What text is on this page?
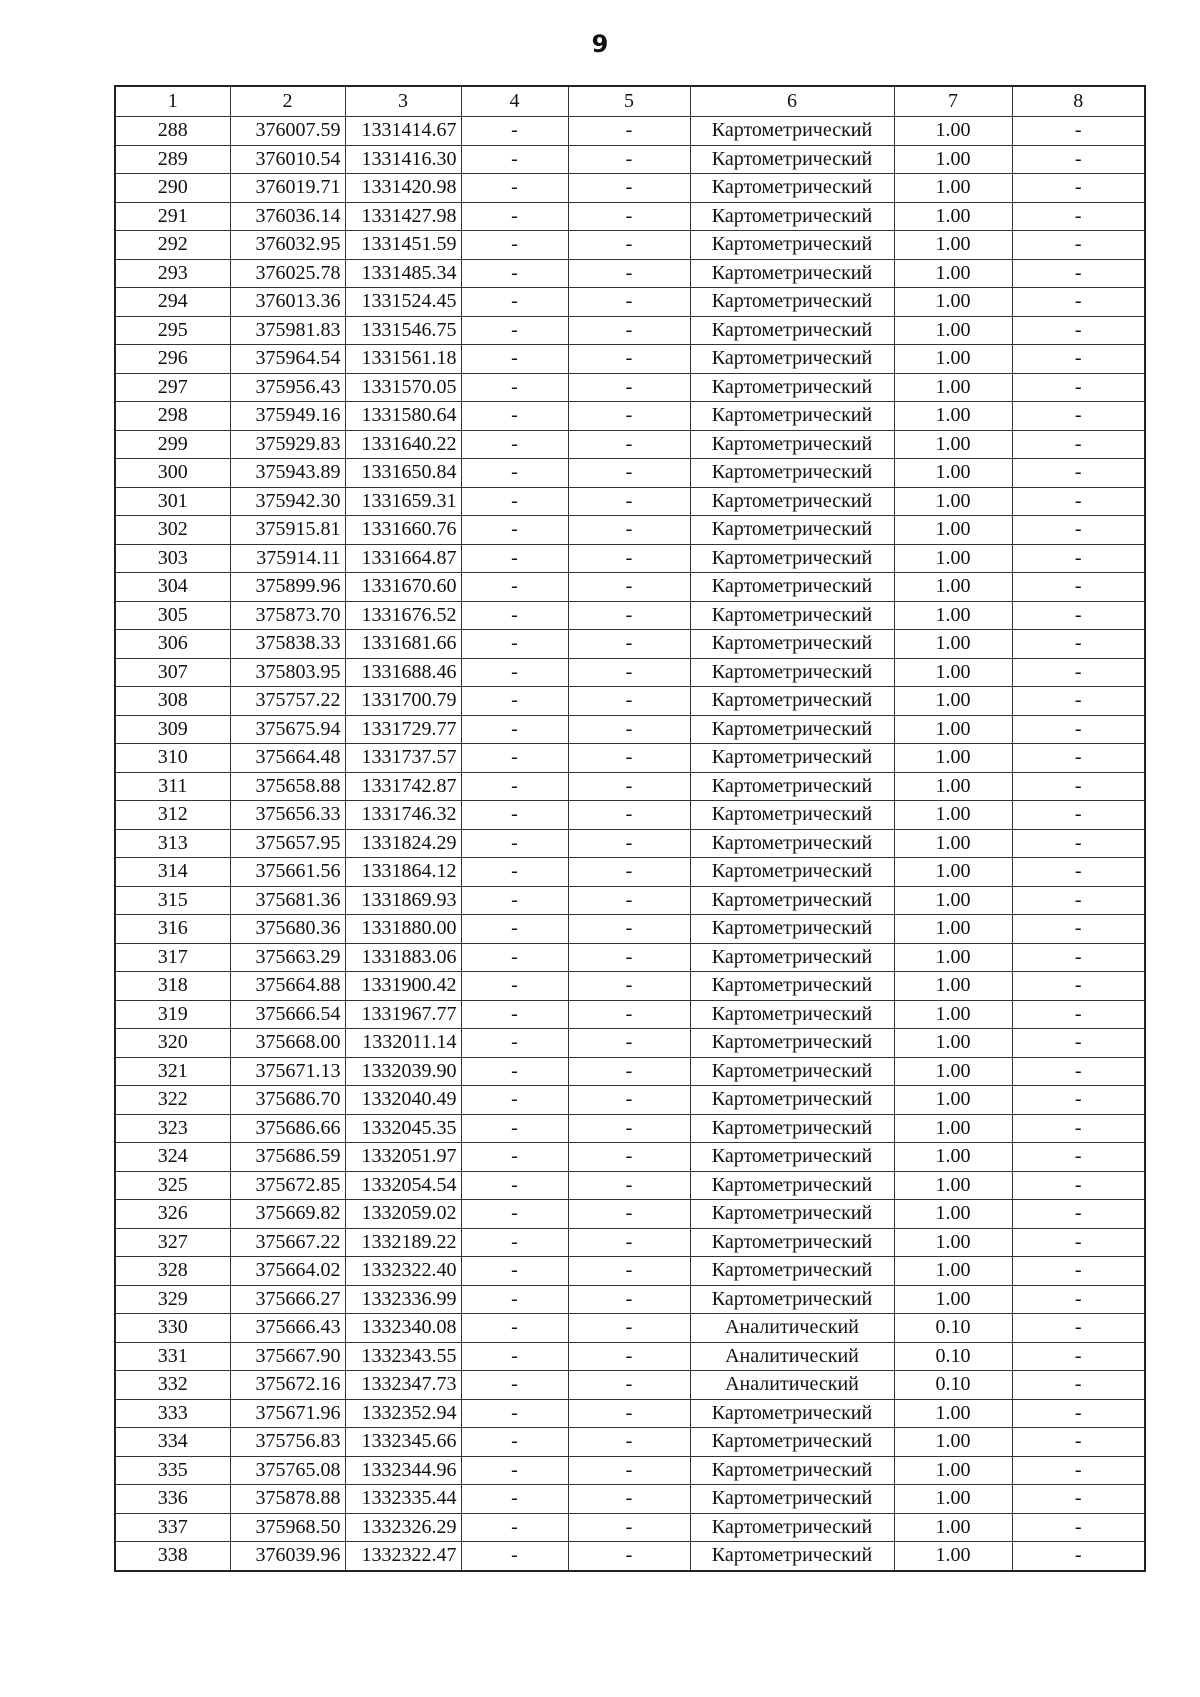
9
1	2	3	4	5	6	7	8
288	376007.59	1331414.67	-	-	Картометрический	1.00	-
289	376010.54	1331416.30	-	-	Картометрический	1.00	-
290	376019.71	1331420.98	-	-	Картометрический	1.00	-
291	376036.14	1331427.98	-	-	Картометрический	1.00	-
292	376032.95	1331451.59	-	-	Картометрический	1.00	-
293	376025.78	1331485.34	-	-	Картометрический	1.00	-
294	376013.36	1331524.45	-	-	Картометрический	1.00	-
295	375981.83	1331546.75	-	-	Картометрический	1.00	-
296	375964.54	1331561.18	-	-	Картометрический	1.00	-
297	375956.43	1331570.05	-	-	Картометрический	1.00	-
298	375949.16	1331580.64	-	-	Картометрический	1.00	-
299	375929.83	1331640.22	-	-	Картометрический	1.00	-
300	375943.89	1331650.84	-	-	Картометрический	1.00	-
301	375942.30	1331659.31	-	-	Картометрический	1.00	-
302	375915.81	1331660.76	-	-	Картометрический	1.00	-
303	375914.11	1331664.87	-	-	Картометрический	1.00	-
304	375899.96	1331670.60	-	-	Картометрический	1.00	-
305	375873.70	1331676.52	-	-	Картометрический	1.00	-
306	375838.33	1331681.66	-	-	Картометрический	1.00	-
307	375803.95	1331688.46	-	-	Картометрический	1.00	-
308	375757.22	1331700.79	-	-	Картометрический	1.00	-
309	375675.94	1331729.77	-	-	Картометрический	1.00	-
310	375664.48	1331737.57	-	-	Картометрический	1.00	-
311	375658.88	1331742.87	-	-	Картометрический	1.00	-
312	375656.33	1331746.32	-	-	Картометрический	1.00	-
313	375657.95	1331824.29	-	-	Картометрический	1.00	-
314	375661.56	1331864.12	-	-	Картометрический	1.00	-
315	375681.36	1331869.93	-	-	Картометрический	1.00	-
316	375680.36	1331880.00	-	-	Картометрический	1.00	-
317	375663.29	1331883.06	-	-	Картометрический	1.00	-
318	375664.88	1331900.42	-	-	Картометрический	1.00	-
319	375666.54	1331967.77	-	-	Картометрический	1.00	-
320	375668.00	1332011.14	-	-	Картометрический	1.00	-
321	375671.13	1332039.90	-	-	Картометрический	1.00	-
322	375686.70	1332040.49	-	-	Картометрический	1.00	-
323	375686.66	1332045.35	-	-	Картометрический	1.00	-
324	375686.59	1332051.97	-	-	Картометрический	1.00	-
325	375672.85	1332054.54	-	-	Картометрический	1.00	-
326	375669.82	1332059.02	-	-	Картометрический	1.00	-
327	375667.22	1332189.22	-	-	Картометрический	1.00	-
328	375664.02	1332322.40	-	-	Картометрический	1.00	-
329	375666.27	1332336.99	-	-	Картометрический	1.00	-
330	375666.43	1332340.08	-	-	Аналитический	0.10	-
331	375667.90	1332343.55	-	-	Аналитический	0.10	-
332	375672.16	1332347.73	-	-	Аналитический	0.10	-
333	375671.96	1332352.94	-	-	Картометрический	1.00	-
334	375756.83	1332345.66	-	-	Картометрический	1.00	-
335	375765.08	1332344.96	-	-	Картометрический	1.00	-
336	375878.88	1332335.44	-	-	Картометрический	1.00	-
337	375968.50	1332326.29	-	-	Картометрический	1.00	-
338	376039.96	1332322.47	-	-	Картометрический	1.00	-
